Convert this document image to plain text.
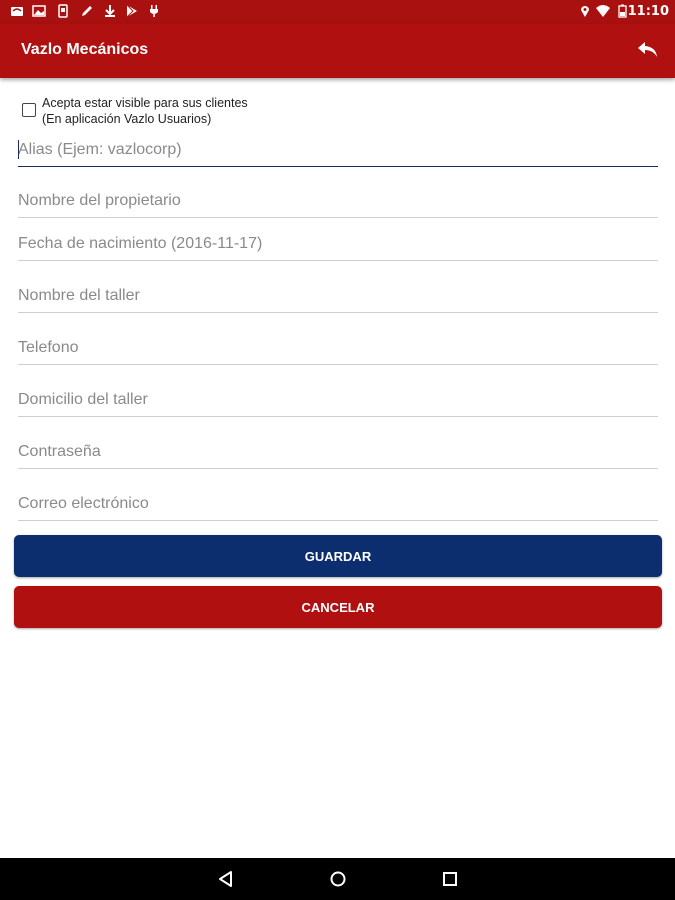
11:10
Vazlo Mecánicos
Acepta estar visible para sus clientes
(En aplicación Vazlo Usuarios)
Alias (Ejem: vazlocorp)
Nombre del propietario
Fecha de nacimiento (2016-11-17)
Nombre del taller
Telefono
Domicilio del taller
Correo electrónico
GUARDAR
CANCELAR
